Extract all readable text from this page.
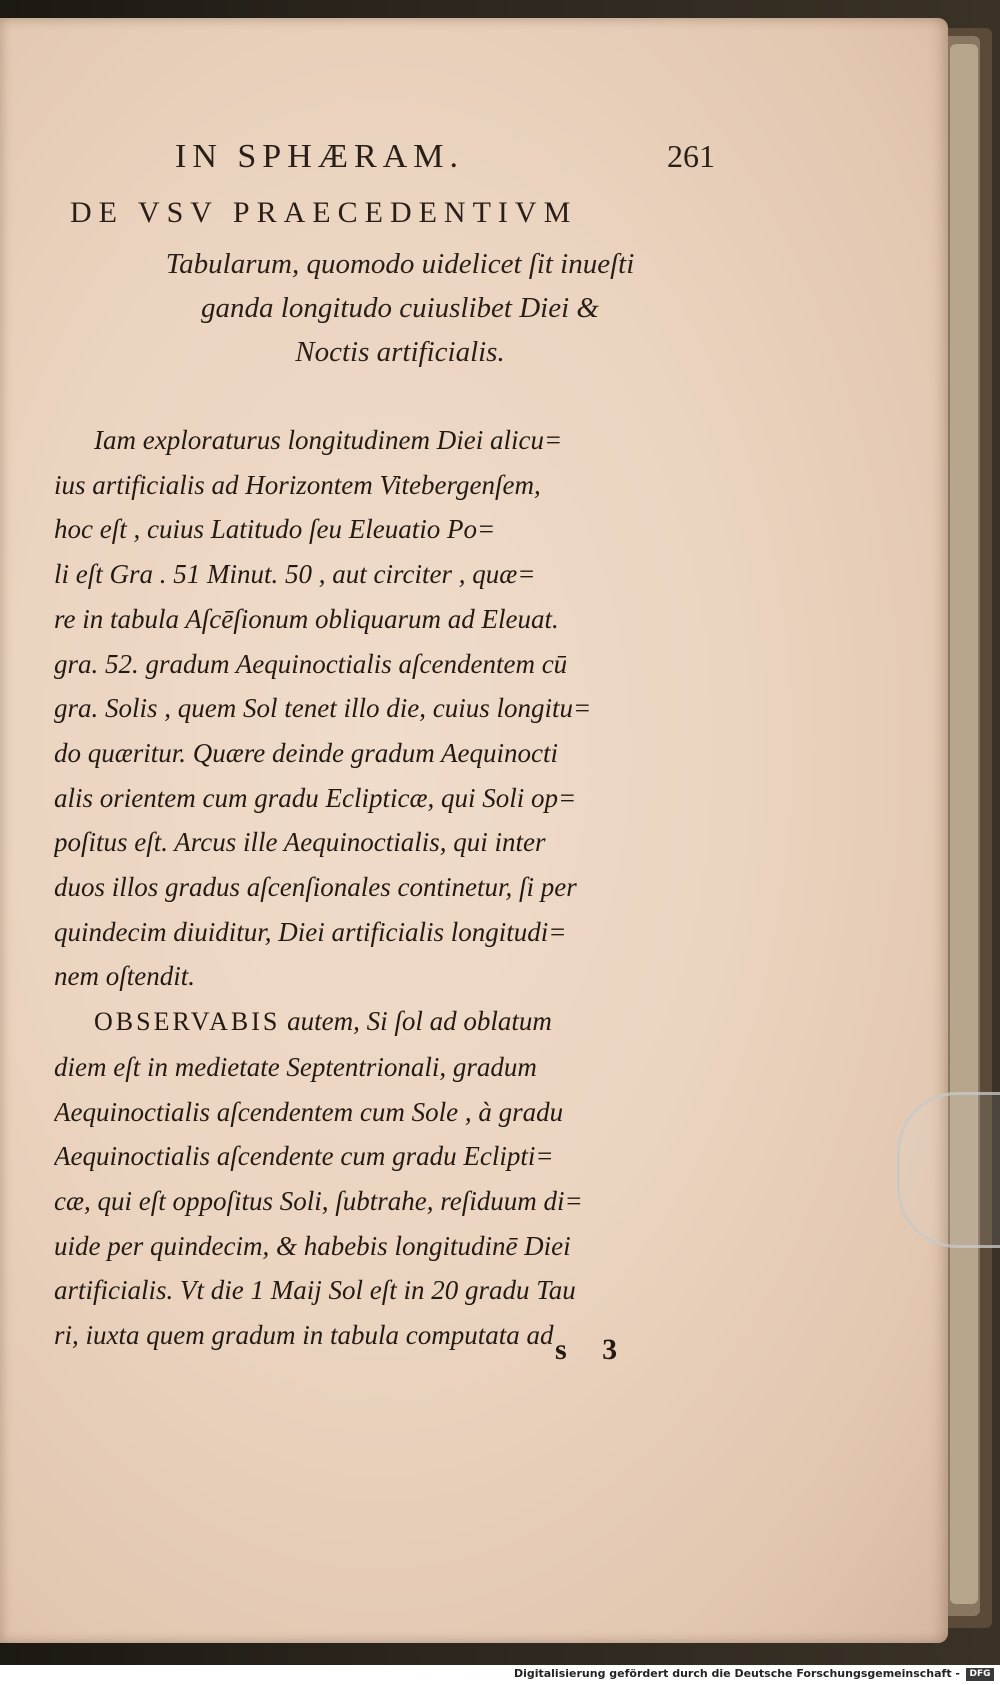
IN SPHÆRAM.	261
DE VSV PRAECEDENTIVM
Tabularum, quomodo uidelicet ſit inueſti
ganda longitudo cuiuslibet Diei &
Noctis artificialis.
Iam exploraturus longitudinem Diei alicu=
ius artificialis ad Horizontem Vitebergenſem,
hoc eſt , cuius Latitudo ſeu Eleuatio Po=
li eſt Gra . 51 Minut. 50 , aut circiter , quæ=
re in tabula Aſcēſionum obliquarum ad Eleuat.
gra. 52. gradum Aequinoctialis aſcendentem cū
gra. Solis , quem Sol tenet illo die, cuius longitu=
do quæritur. Quære deinde gradum Aequinocti
alis orientem cum gradu Eclipticæ, qui Soli op=
poſitus eſt. Arcus ille Aequinoctialis, qui inter
duos illos gradus aſcenſionales continetur, ſi per
quindecim diuiditur, Diei artificialis longitudi=
nem oſtendit.
OBSERVABIS autem, Si ſol ad oblatum
diem eſt in medietate Septentrionali, gradum
Aequinoctialis aſcendentem cum Sole , à gradu
Aequinoctialis aſcendente cum gradu Eclipti=
cæ, qui eſt oppoſitus Soli, ſubtrahe, reſiduum di=
uide per quindecim, & habebis longitudinē Diei
artificialis. Vt die 1 Maij Sol eſt in 20 gradu Tau
ri, iuxta quem gradum in tabula computata ad s 3
Digitalisierung gefördert durch die Deutsche Forschungsgemeinschaft -	DFG
